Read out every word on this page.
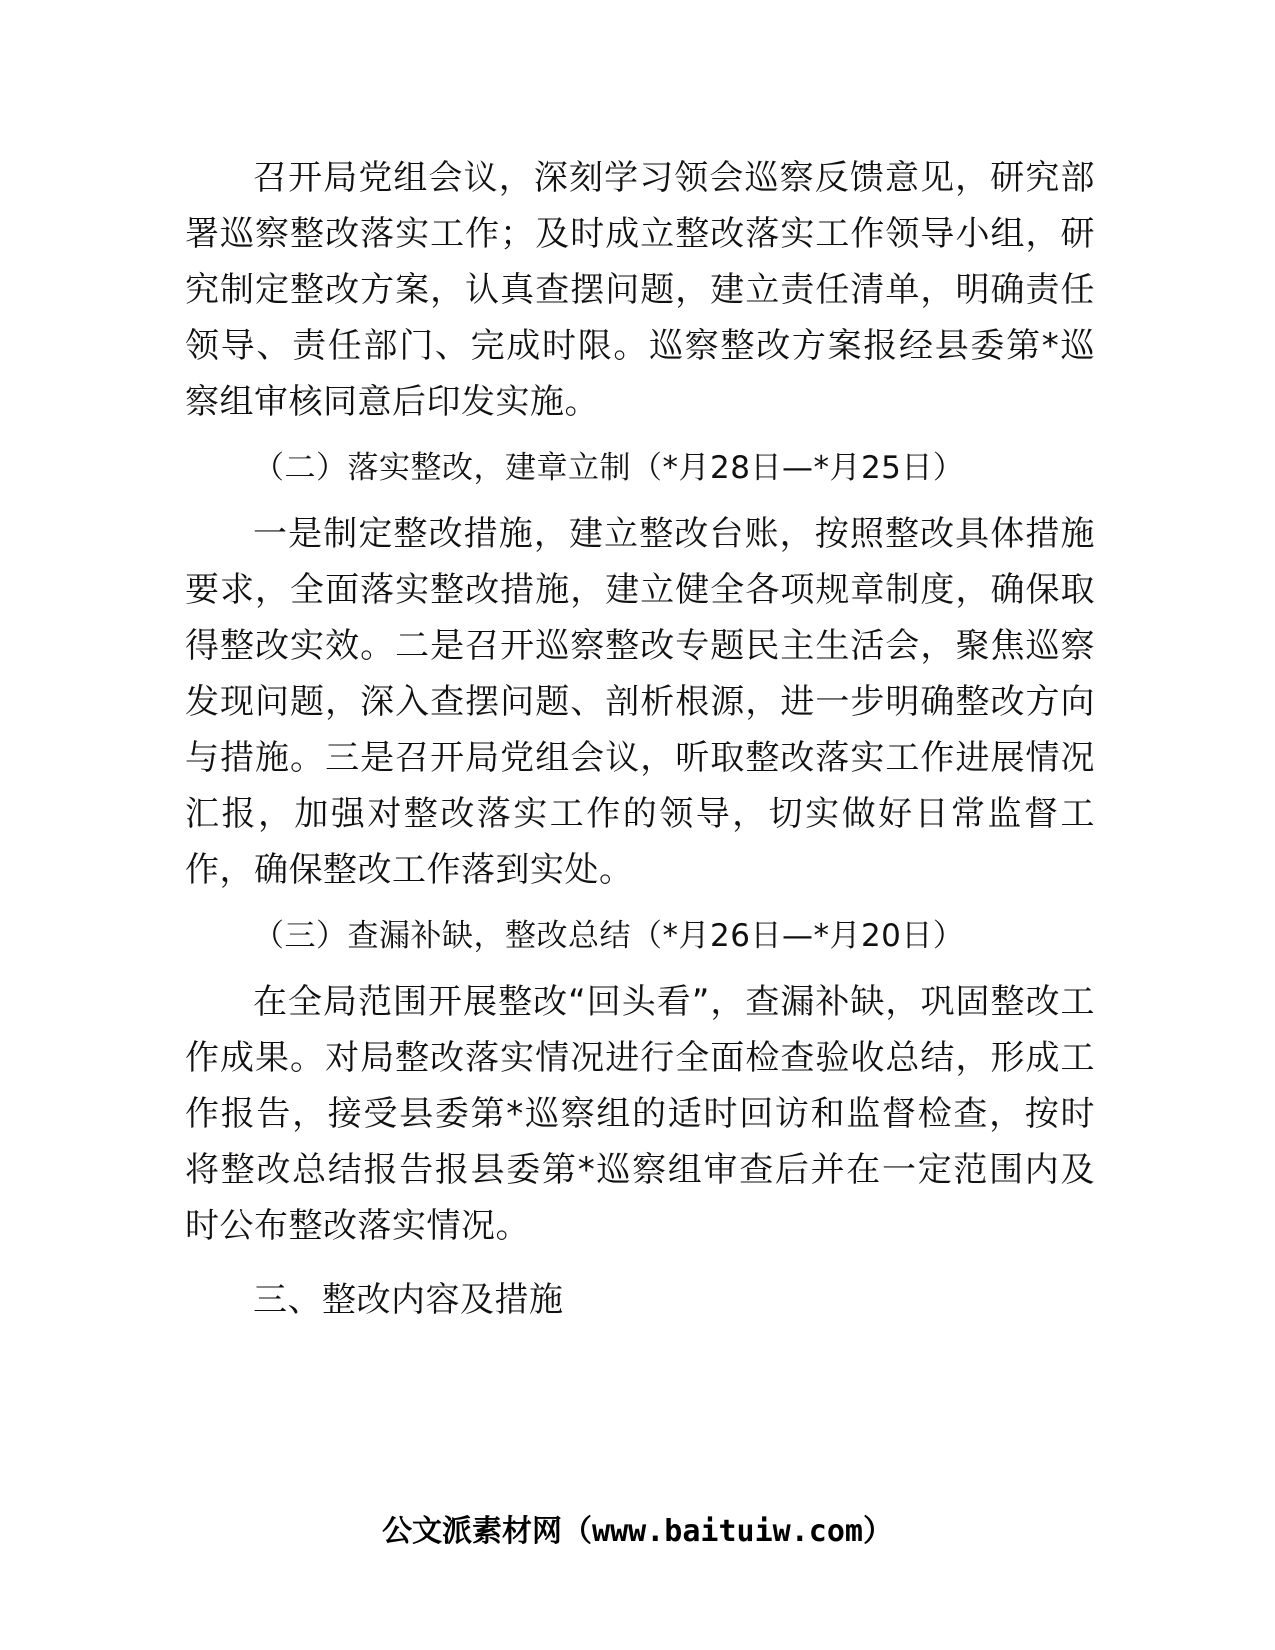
召开局党组会议，深刻学习领会巡察反馈意见，研究部署巡察整改落实工作；及时成立整改落实工作领导小组，研究制定整改方案，认真查摆问题，建立责任清单，明确责任领导、责任部门、完成时限。巡察整改方案报经县委第*巡察组审核同意后印发实施。

（二）落实整改，建章立制（*月28日—*月25日）

一是制定整改措施，建立整改台账，按照整改具体措施要求，全面落实整改措施，建立健全各项规章制度，确保取得整改实效。二是召开巡察整改专题民主生活会，聚焦巡察发现问题，深入查摆问题、剖析根源，进一步明确整改方向与措施。三是召开局党组会议，听取整改落实工作进展情况汇报，加强对整改落实工作的领导，切实做好日常监督工作，确保整改工作落到实处。

（三）查漏补缺，整改总结（*月26日—*月20日）

在全局范围开展整改“回头看”，查漏补缺，巩固整改工作成果。对局整改落实情况进行全面检查验收总结，形成工作报告，接受县委第*巡察组的适时回访和监督检查，按时将整改总结报告报县委第*巡察组审查后并在一定范围内及时公布整改落实情况。

三、整改内容及措施

公文派素材网（www.baituiw.com）
